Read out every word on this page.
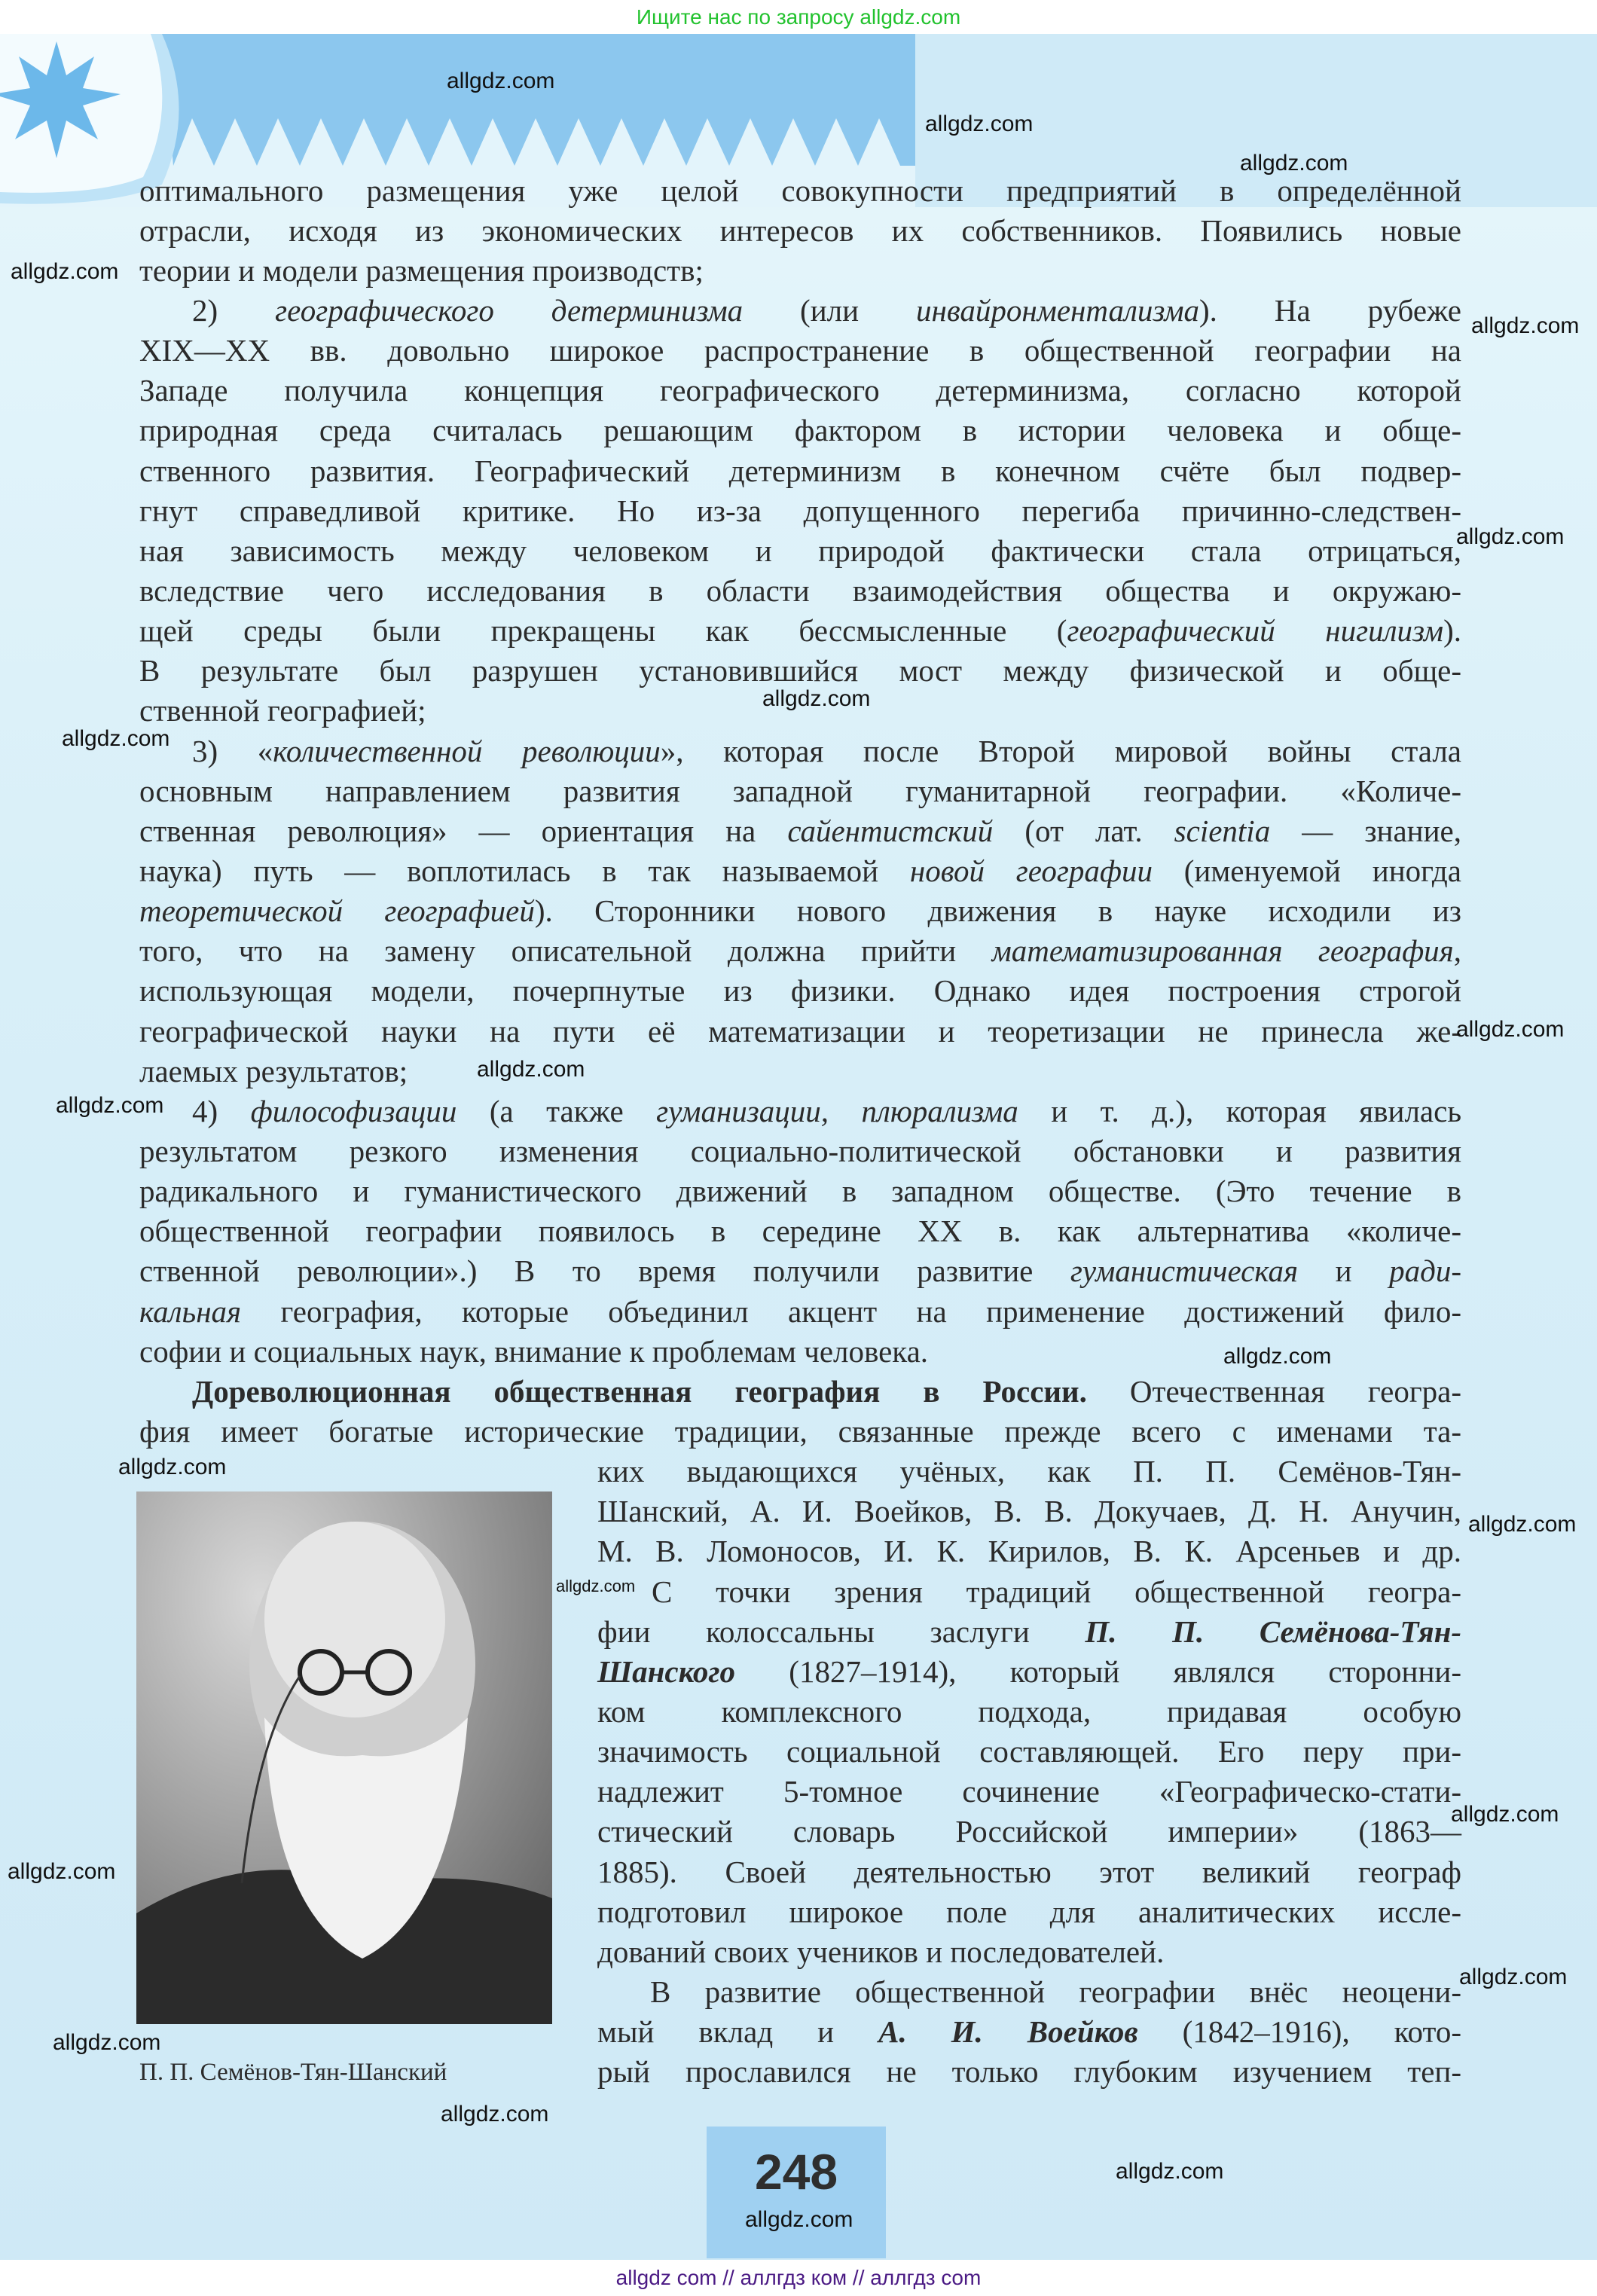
Ищите нас по запросу allgdz.com
П. П. Семёнов-Тян-Шанский
248
allgdz com // аллгдз ком // аллгдз com
оптимального размещения уже целой совокупности предприятий в определённой
отрасли, исходя из экономических интересов их собственников. Появились новые
теории и модели размещения производств;
2) географического детерминизма (или инвайронментализма). На рубеже
XIX—XX вв. довольно широкое распространение в общественной географии на
Западе получила концепция географического детерминизма, согласно которой
природная среда считалась решающим фактором в истории человека и обще-
ственного развития. Географический детерминизм в конечном счёте был подвер-
гнут справедливой критике. Но из-за допущенного перегиба причинно-следствен-
ная зависимость между человеком и природой фактически стала отрицаться,
вследствие чего исследования в области взаимодействия общества и окружаю-
щей среды были прекращены как бессмысленные (географический нигилизм).
В результате был разрушен установившийся мост между физической и обще-
ственной географией;
3) «количественной революции», которая после Второй мировой войны стала
основным направлением развития западной гуманитарной географии. «Количе-
ственная революция» — ориентация на сайентистский (от лат. scientia — знание,
наука) путь — воплотилась в так называемой новой географии (именуемой иногда
теоретической географией). Сторонники нового движения в науке исходили из
того, что на замену описательной должна прийти математизированная география,
использующая модели, почерпнутые из физики. Однако идея построения строгой
географической науки на пути её математизации и теоретизации не принесла же-
лаемых результатов;
4) философизации (а также гуманизации, плюрализма и т. д.), которая явилась
результатом резкого изменения социально-политической обстановки и развития
радикального и гуманистического движений в западном обществе. (Это течение в
общественной географии появилось в середине XX в. как альтернатива «количе-
ственной революции».) В то время получили развитие гуманистическая и ради-
кальная география, которые объединил акцент на применение достижений фило-
софии и социальных наук, внимание к проблемам человека.
Дореволюционная общественная география в России. Отечественная геогра-
фия имеет богатые исторические традиции, связанные прежде всего с именами та-
ких выдающихся учёных, как П. П. Семёнов-Тян-
Шанский, А. И. Воейков, В. В. Докучаев, Д. Н. Анучин,
М. В. Ломоносов, И. К. Кирилов, В. К. Арсеньев и др.
С точки зрения традиций общественной геогра-
фии колоссальны заслуги П. П. Семёнова-Тян-
Шанского (1827–1914), который являлся сторонни-
ком комплексного подхода, придавая особую
значимость социальной составляющей. Его перу при-
надлежит 5-томное сочинение «Географическо-стати-
стический словарь Российской империи» (1863—
1885). Своей деятельностью этот великий географ
подготовил широкое поле для аналитических иссле-
дований своих учеников и последователей.
В развитие общественной географии внёс неоцени-
мый вклад и А. И. Воейков (1842–1916), кото-
рый прославился не только глубоким изучением теп-
allgdz.com
allgdz.com
allgdz.com
allgdz.com
allgdz.com
allgdz.com
allgdz.com
allgdz.com
allgdz.com
allgdz.com
allgdz.com
allgdz.com
allgdz.com
allgdz.com
allgdz.com
allgdz.com
allgdz.com
allgdz.com
allgdz.com
allgdz.com
allgdz.com
allgdz.com
